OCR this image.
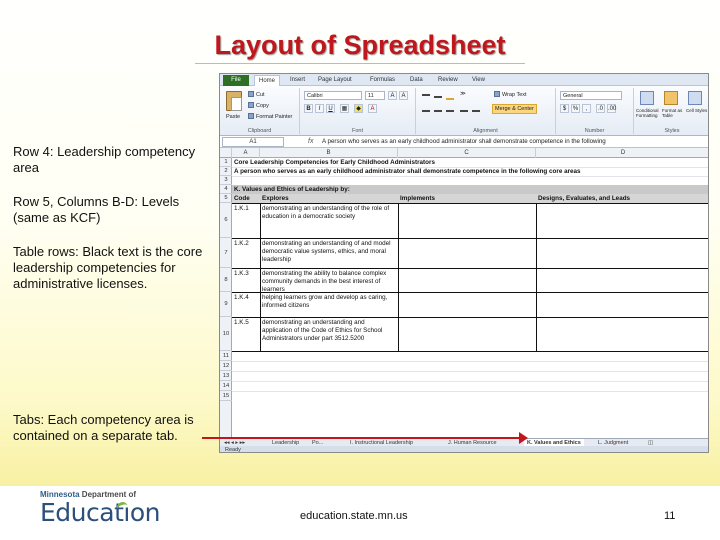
Layout of Spreadsheet
Row 4: Leadership competency area
Row 5, Columns B-D: Levels (same as KCF)
Table rows: Black text is the core leadership competencies for administrative licenses.
Tabs: Each competency area is contained on a separate tab.
File	Home	Insert	Page Layout	Formulas	Data	Review	View
Paste
Cut
Copy
Format Painter
Clipboard
Calibri	11	A	A
B	I	U	▦	◆	A
Font
≫	Wrap Text
Merge & Center
Alignment
General
$	%	,	.0 .00
Number
Conditional Formatting
Format as Table
Cell Styles
Styles
A1	fx A person who serves as an early childhood administrator shall demonstrate competence in the following
A	B	C	D
1
2
3
4
5
6
7
8
9
10
11
12
13
14
15
Core Leadership Competencies for Early Childhood Administrators
A person who serves as an early childhood administrator shall demonstrate competence in the following core areas
K. Values and Ethics of Leadership by:
Code	Explores	Implements	Designs, Evaluates, and Leads
1.K.1	demonstrating an understanding of the role of education in a democratic society
1.K.2	demonstrating an understanding of and model democratic value systems, ethics, and moral leadership
1.K.3	demonstrating the ability to balance complex community demands in the best interest of learners
1.K.4	helping learners grow and develop as caring, informed citizens
1.K.5	demonstrating an understanding and application of the Code of Ethics for School Administrators under part 3512.5200
◂◂ ◂ ▸ ▸▸	Leadership Po...	I. Instructional Leadership	J. Human Resource	K. Values and Ethics	L. Judgment	◫
Ready
Minnesota Department of
Educatıon	education.state.mn.us	11
